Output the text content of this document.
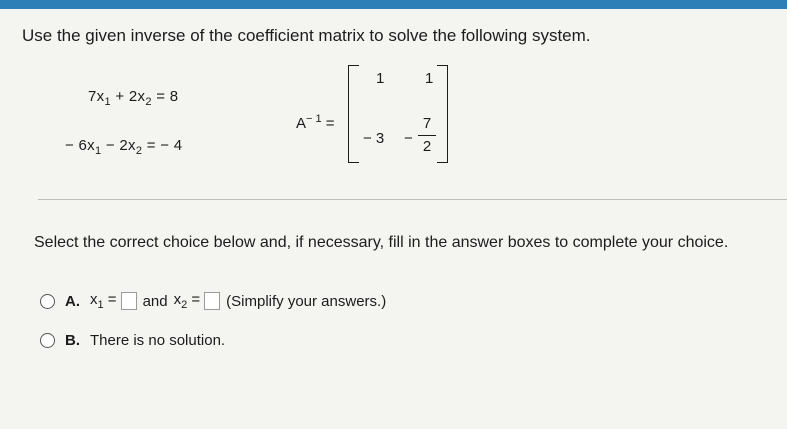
Use the given inverse of the coefficient matrix to solve the following system.
$7x_1 + 2x_2 = 8$
− $6x_1 - 2x_2$ = − 4
$A^{- 1}$ =
1	1
− 3 −
7
2
Select the correct choice below and, if necessary, fill in the answer boxes to complete your choice.
A. $x_1$ = and $x_2$ = (Simplify your answers.)
B. There is no solution.
